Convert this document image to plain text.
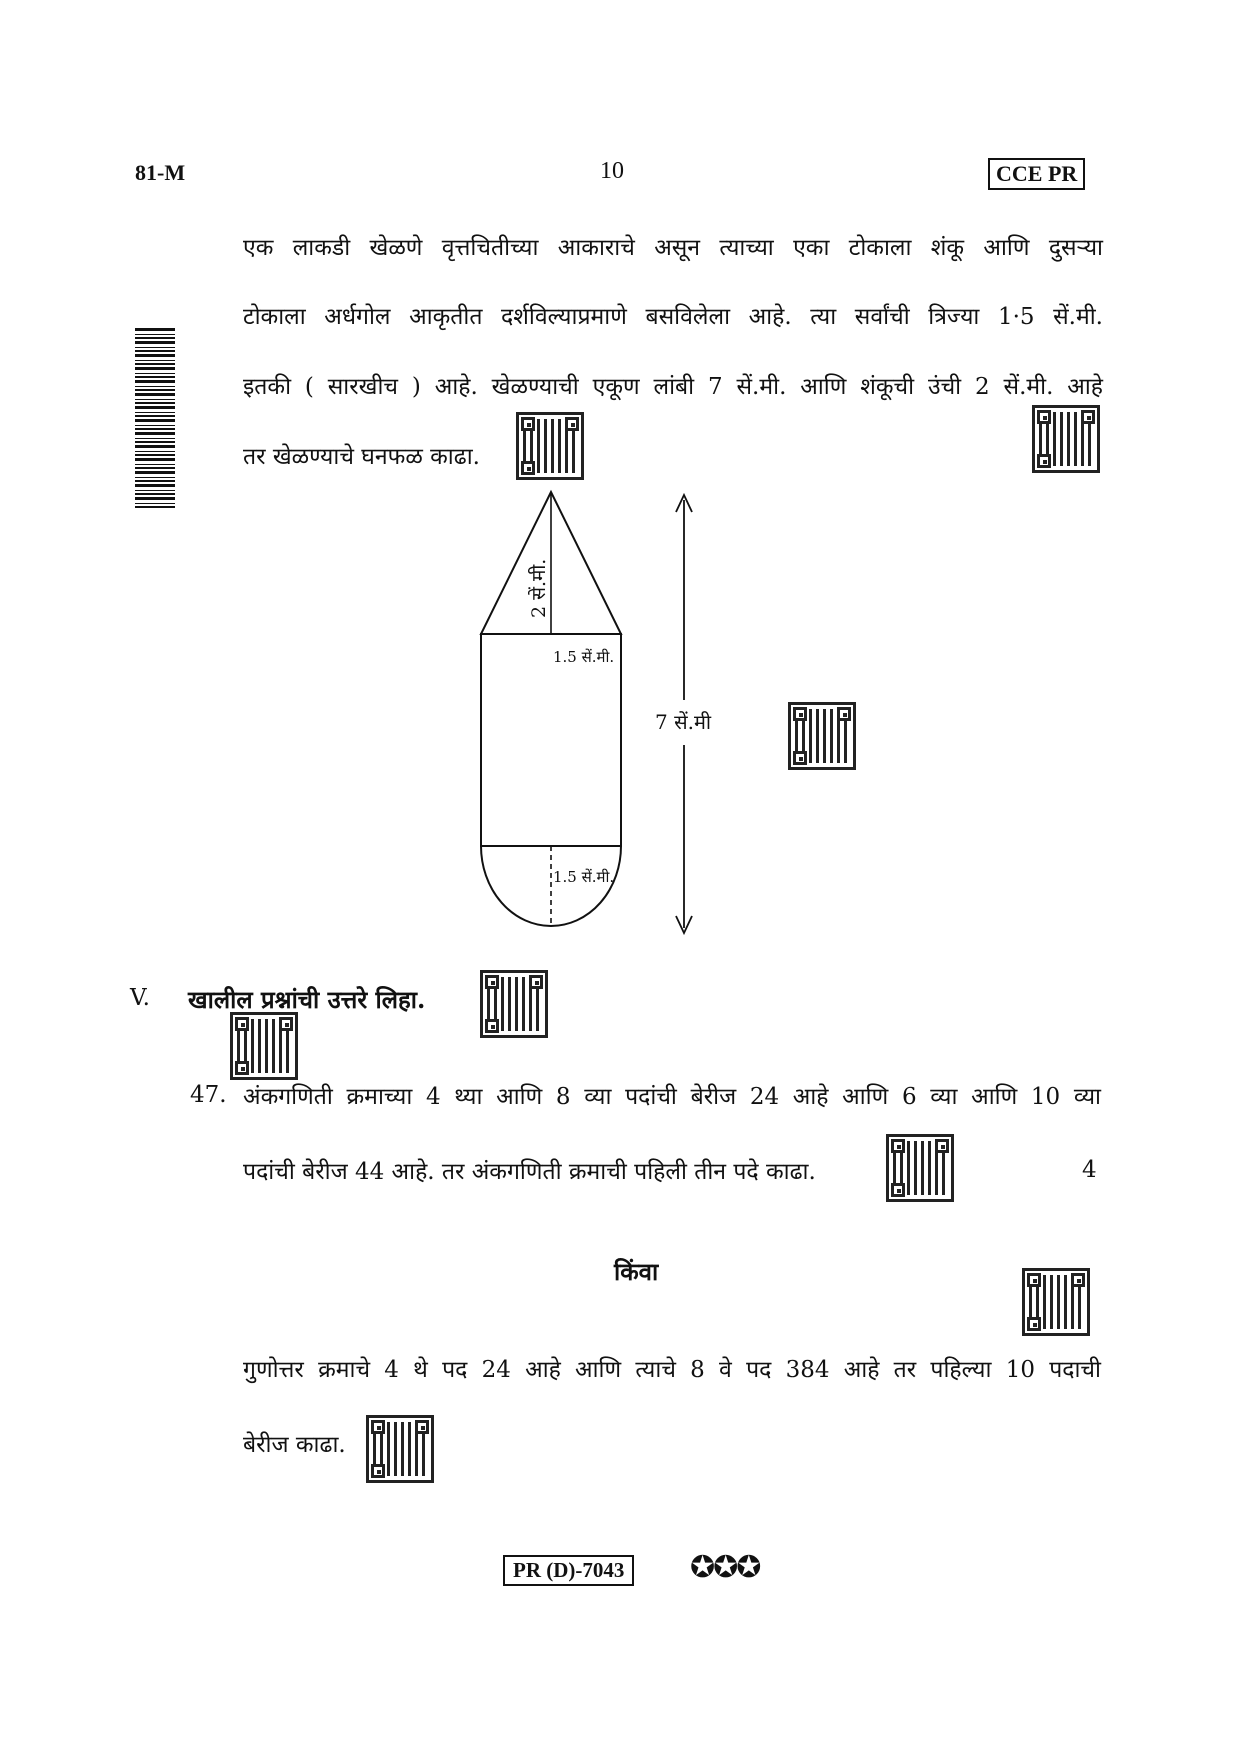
81-M	10	CCE PR
एक लाकडी खेळणे वृत्तचितीच्या आकाराचे असून त्याच्या एका टोकाला शंकू आणि दुसऱ्या
टोकाला अर्धगोल आकृतीत दर्शविल्याप्रमाणे बसविलेला आहे. त्या सर्वांची त्रिज्या 1·5 सें.मी.
इतकी ( सारखीच ) आहे. खेळण्याची एकूण लांबी 7 सें.मी. आणि शंकूची उंची 2 सें.मी. आहे
तर खेळण्याचे घनफळ काढा.
2 सें.मी.
1.5 सें.मी.
1.5 सें.मी.
7 सें.मी
V. खालील प्रश्नांची उत्तरे लिहा.
47. अंकगणिती क्रमाच्या 4 थ्या आणि 8 व्या पदांची बेरीज 24 आहे आणि 6 व्या आणि 10 व्या
पदांची बेरीज 44 आहे. तर अंकगणिती क्रमाची पहिली तीन पदे काढा.	4
किंवा
गुणोत्तर क्रमाचे 4 थे पद 24 आहे आणि त्याचे 8 वे पद 384 आहे तर पहिल्या 10 पदाची
बेरीज काढा.
PR (D)-7043	✪✪✪
